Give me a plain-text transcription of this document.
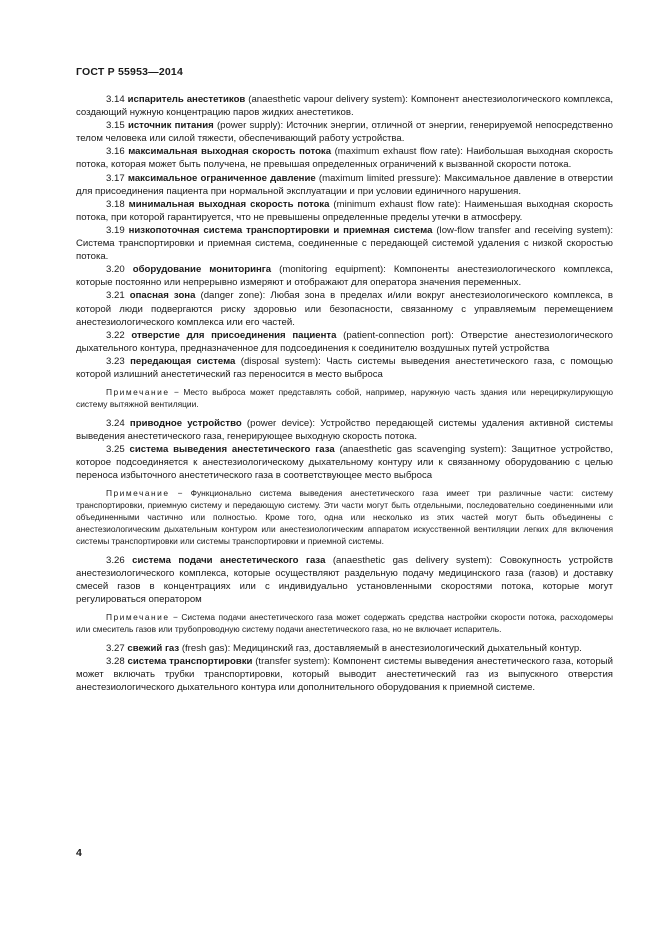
ГОСТ Р 55953—2014

3.14 испаритель анестетиков (anaesthetic vapour delivery system): Компонент анестезиологического комплекса, создающий нужную концентрацию паров жидких анестетиков.

3.15 источник питания (power supply): Источник энергии, отличной от энергии, генерируемой непосредственно телом человека или силой тяжести, обеспечивающий работу устройства.

3.16 максимальная выходная скорость потока (maximum exhaust flow rate): Наибольшая выходная скорость потока, которая может быть получена, не превышая определенных ограничений к вызванной скорости потока.

3.17 максимальное ограниченное давление (maximum limited pressure): Максимальное давление в отверстии для присоединения пациента при нормальной эксплуатации и при условии единичного нарушения.

3.18 минимальная выходная скорость потока (minimum exhaust flow rate): Наименьшая выходная скорость потока, при которой гарантируется, что не превышены определенные пределы утечки в атмосферу.

3.19 низкопоточная система транспортировки и приемная система (low-flow transfer and receiving system): Система транспортировки и приемная система, соединенные с передающей системой удаления с низкой скоростью потока.

3.20 оборудование мониторинга (monitoring equipment): Компоненты анестезиологического комплекса, которые постоянно или непрерывно измеряют и отображают для оператора значения переменных.

3.21 опасная зона (danger zone): Любая зона в пределах и/или вокруг анестезиологического комплекса, в которой люди подвергаются риску здоровью или безопасности, связанному с управляемым перемещением анестезиологического комплекса или его частей.

3.22 отверстие для присоединения пациента (patient-connection port): Отверстие анестезиологического дыхательного контура, предназначенное для подсоединения к соединителю воздушных путей устройства

3.23 передающая система (disposal system): Часть системы выведения анестетического газа, с помощью которой излишний анестетический газ переносится в место выброса

Примечание − Место выброса может представлять собой, например, наружную часть здания или нерециркулирующую систему вытяжной вентиляции.

3.24 приводное устройство (power device): Устройство передающей системы удаления активной системы выведения анестетического газа, генерирующее выходную скорость потока.

3.25 система выведения анестетического газа (anaesthetic gas scavenging system): Защитное устройство, которое подсоединяется к анестезиологическому дыхательному контуру или к связанному оборудованию с целью переноса избыточного анестетического газа в соответствующее место выброса

Примечание − Функционально система выведения анестетического газа имеет три различные части: систему транспортировки, приемную систему и передающую систему. Эти части могут быть отдельными, последовательно соединенными или объединенными частично или полностью. Кроме того, одна или несколько из этих частей могут быть объединены с анестезиологическим дыхательным контуром или анестезиологическим аппаратом искусственной вентиляции легких для включения системы транспортировки или системы транспортировки и приемной системы.

3.26 система подачи анестетического газа (anaesthetic gas delivery system): Совокупность устройств анестезиологического комплекса, которые осуществляют раздельную подачу медицинского газа (газов) и доставку смесей газов в концентрациях или с индивидуально установленными скоростями потока, которые могут регулироваться оператором

Примечание − Система подачи анестетического газа может содержать средства настройки скорости потока, расходомеры или смеситель газов или трубопроводную систему подачи анестетического газа, но не включает испаритель.

3.27 свежий газ (fresh gas): Медицинский газ, доставляемый в анестезиологический дыхательный контур.

3.28 система транспортировки (transfer system): Компонент системы выведения анестетического газа, который может включать трубки транспортировки, который выводит анестетический газ из выпускного отверстия анестезиологического дыхательного контура или дополнительного оборудования к приемной системе.

4
